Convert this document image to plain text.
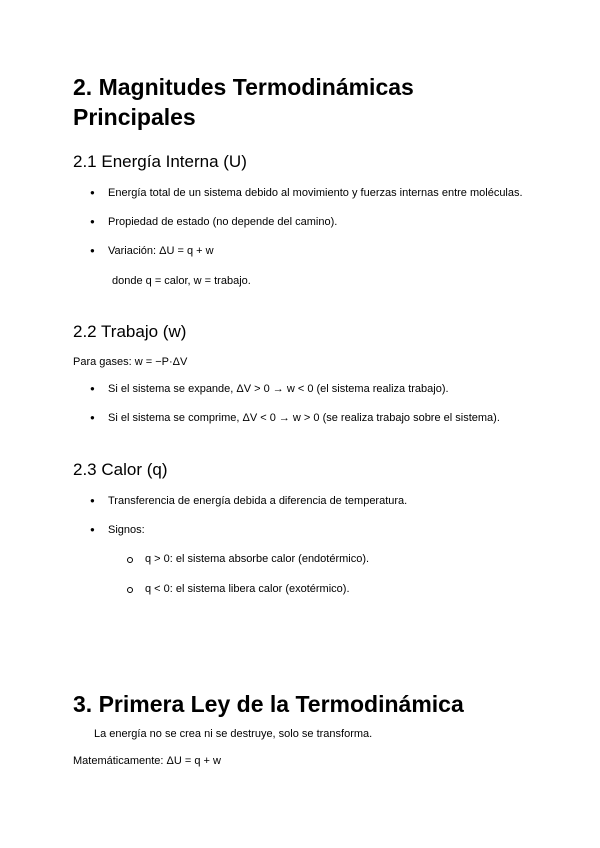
2. Magnitudes Termodinámicas
Principales
2.1 Energía Interna (U)
● Energía total de un sistema debido al movimiento y fuerzas internas entre moléculas.

● Propiedad de estado (no depende del camino).

● Variación: ΔU = q + w

donde q = calor, w = trabajo.

2.2 Trabajo (w)

Para gases: w = −P·ΔV

● Si el sistema se expande, ΔV > 0 → w < 0 (el sistema realiza trabajo).

● Si el sistema se comprime, ΔV < 0 → w > 0 (se realiza trabajo sobre el sistema).

2.3 Calor (q)
● Transferencia de energía debida a diferencia de temperatura.

● Signos:

q > 0: el sistema absorbe calor (endotérmico).

q < 0: el sistema libera calor (exotérmico).

3. Primera Ley de la Termodinámica

La energía no se crea ni se destruye, solo se transforma.

Matemáticamente: ΔU = q + w
